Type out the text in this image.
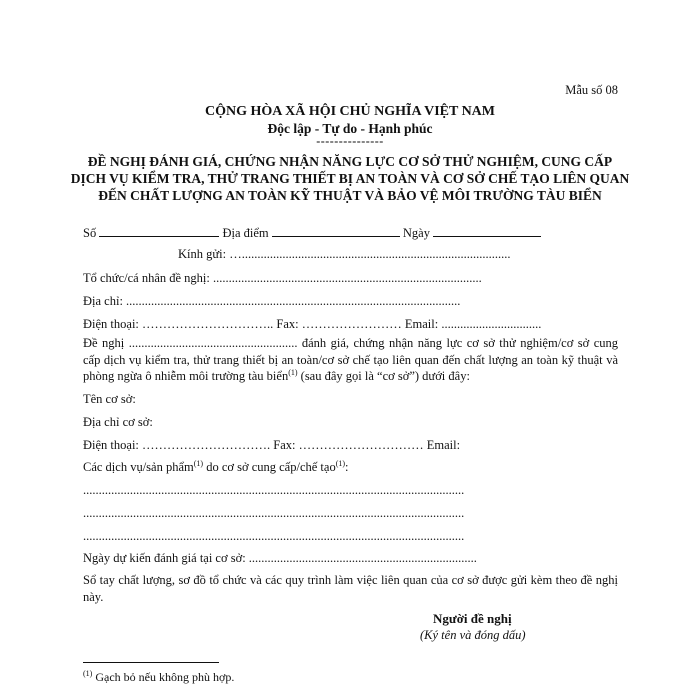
Mẫu số 08
CỘNG HÒA XÃ HỘI CHỦ NGHĨA VIỆT NAM
Độc lập - Tự do - Hạnh phúc
---------------
ĐỀ NGHỊ ĐÁNH GIÁ, CHỨNG NHẬN NĂNG LỰC CƠ SỞ THỬ NGHIỆM, CUNG CẤP DỊCH VỤ KIỂM TRA, THỬ TRANG THIẾT BỊ AN TOÀN VÀ CƠ SỞ CHẾ TẠO LIÊN QUAN ĐẾN CHẤT LƯỢNG AN TOÀN KỸ THUẬT VÀ BẢO VỆ MÔI TRƯỜNG TÀU BIỂN
Số	Địa điểm	Ngày
Kính gửi: …......................................................................................
Tổ chức/cá nhân đề nghị: ......................................................................................
Địa chỉ: ...........................................................................................................
Điện thoại: ………………………….. Fax: …………………… Email: ................................
Đề nghị ...................................................... đánh giá, chứng nhận năng lực cơ sở thử nghiệm/cơ sở cung cấp dịch vụ kiểm tra, thử trang thiết bị an toàn/cơ sở chế tạo liên quan đến chất lượng an toàn kỹ thuật và phòng ngừa ô nhiễm môi trường tàu biển$^{(1)}$ (sau đây gọi là “cơ sở”) dưới đây:
Tên cơ sở:
Địa chỉ cơ sở:
Điện thoại: …………………………. Fax: ………………………… Email:
Các dịch vụ/sản phẩm$^{(1)}$ do cơ sở cung cấp/chế tạo$^{(1)}$:
..........................................................................................................................
..........................................................................................................................
..........................................................................................................................
Ngày dự kiến đánh giá tại cơ sở: .........................................................................
Sổ tay chất lượng, sơ đồ tổ chức và các quy trình làm việc liên quan của cơ sở được gửi kèm theo đề nghị này.
Người đề nghị
(Ký tên và đóng dấu)
$^{(1)}$ Gạch bỏ nếu không phù hợp.
